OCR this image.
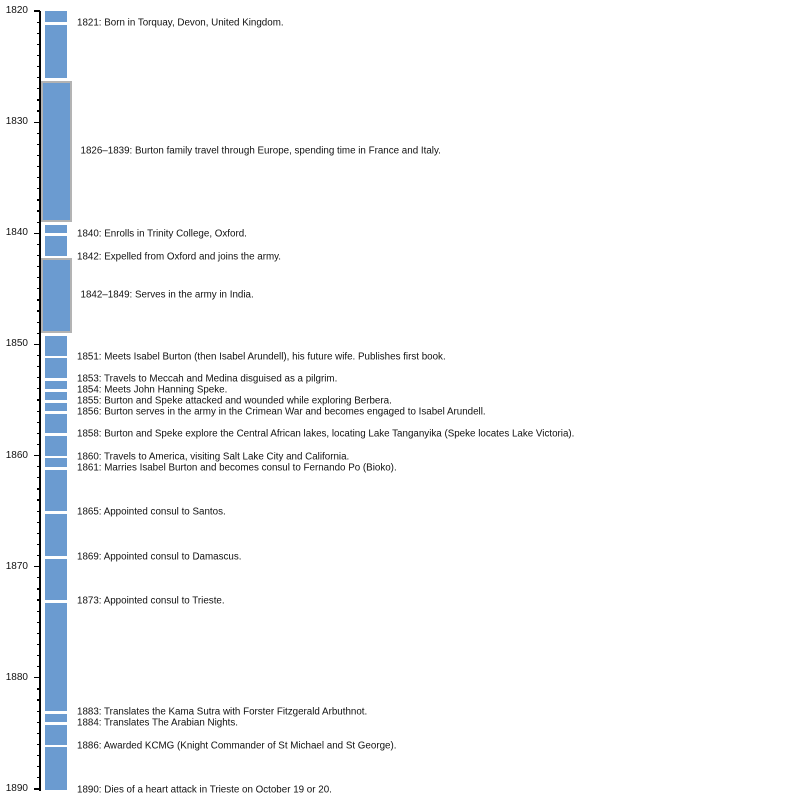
1820
1830
1840
1850
1860
1870
1880
1890
1821: Born in Torquay, Devon, United Kingdom.
1826–1839: Burton family travel through Europe, spending time in France and Italy.
1840: Enrolls in Trinity College, Oxford.
1842: Expelled from Oxford and joins the army.
1842–1849: Serves in the army in India.
1851: Meets Isabel Burton (then Isabel Arundell), his future wife. Publishes first book.
1853: Travels to Meccah and Medina disguised as a pilgrim.
1854: Meets John Hanning Speke.
1855: Burton and Speke attacked and wounded while exploring Berbera.
1856: Burton serves in the army in the Crimean War and becomes engaged to Isabel Arundell.
1858: Burton and Speke explore the Central African lakes, locating Lake Tanganyika (Speke locates Lake Victoria).
1860: Travels to America, visiting Salt Lake City and California.
1861: Marries Isabel Burton and becomes consul to Fernando Po (Bioko).
1865: Appointed consul to Santos.
1869: Appointed consul to Damascus.
1873: Appointed consul to Trieste.
1883: Translates the Kama Sutra with Forster Fitzgerald Arbuthnot.
1884: Translates The Arabian Nights.
1886: Awarded KCMG (Knight Commander of St Michael and St George).
1890: Dies of a heart attack in Trieste on October 19 or 20.
